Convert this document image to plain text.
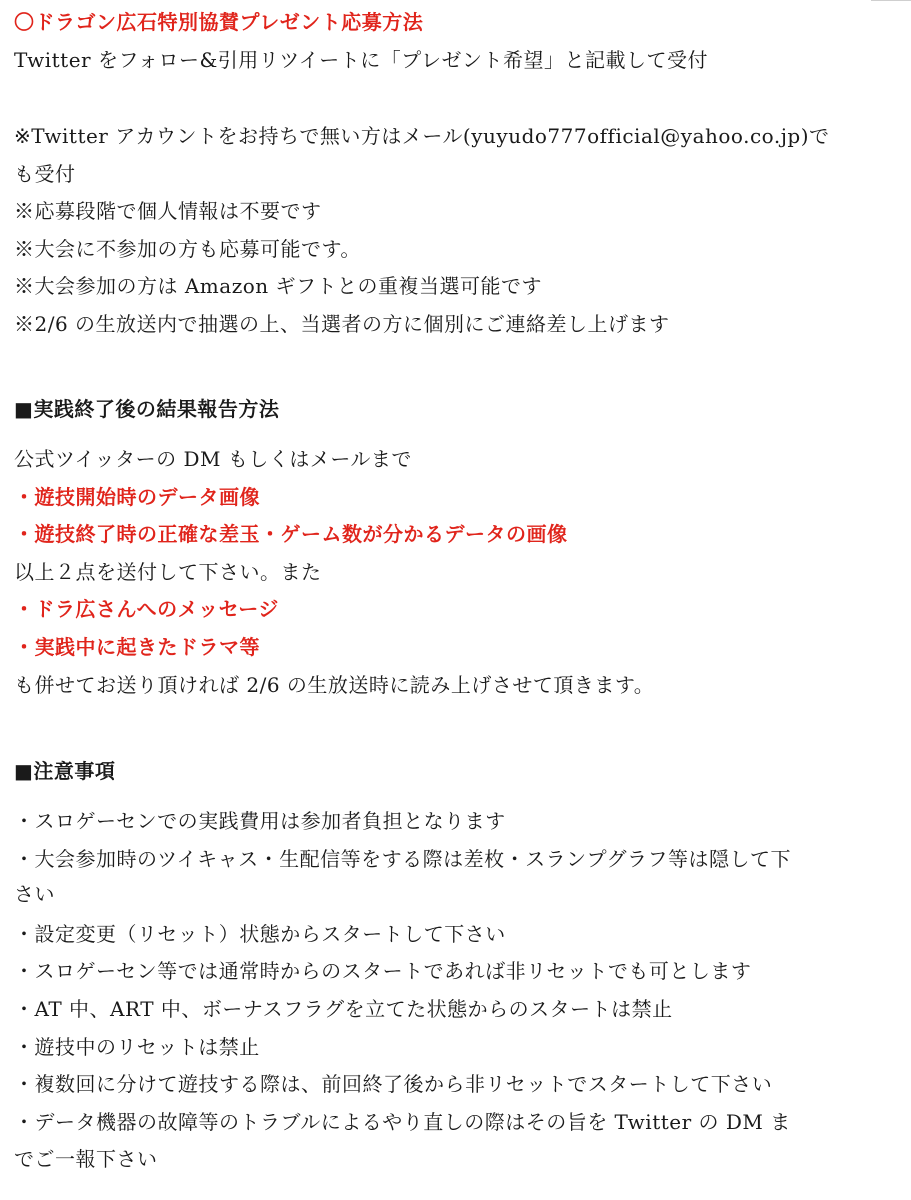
〇ドラゴン広石特別協賛プレゼント応募方法
Twitter をフォロー&引用リツイートに「プレゼント希望」と記載して受付
※Twitter アカウントをお持ちで無い方はメール(yuyudo777official@yahoo.co.jp)で
も受付
※応募段階で個人情報は不要です
※大会に不参加の方も応募可能です。
※大会参加の方は Amazon ギフトとの重複当選可能です
※2/6 の生放送内で抽選の上、当選者の方に個別にご連絡差し上げます
■実践終了後の結果報告方法
公式ツイッターの DM もしくはメールまで
・遊技開始時のデータ画像
・遊技終了時の正確な差玉・ゲーム数が分かるデータの画像
以上２点を送付して下さい。また
・ドラ広さんへのメッセージ
・実践中に起きたドラマ等
も併せてお送り頂ければ 2/6 の生放送時に読み上げさせて頂きます。
■注意事項
・スロゲーセンでの実践費用は参加者負担となります
・大会参加時のツイキャス・生配信等をする際は差枚・スランプグラフ等は隠して下
さい
・設定変更（リセット）状態からスタートして下さい
・スロゲーセン等では通常時からのスタートであれば非リセットでも可とします
・AT 中、ART 中、ボーナスフラグを立てた状態からのスタートは禁止
・遊技中のリセットは禁止
・複数回に分けて遊技する際は、前回終了後から非リセットでスタートして下さい
・データ機器の故障等のトラブルによるやり直しの際はその旨を Twitter の DM ま
でご一報下さい
